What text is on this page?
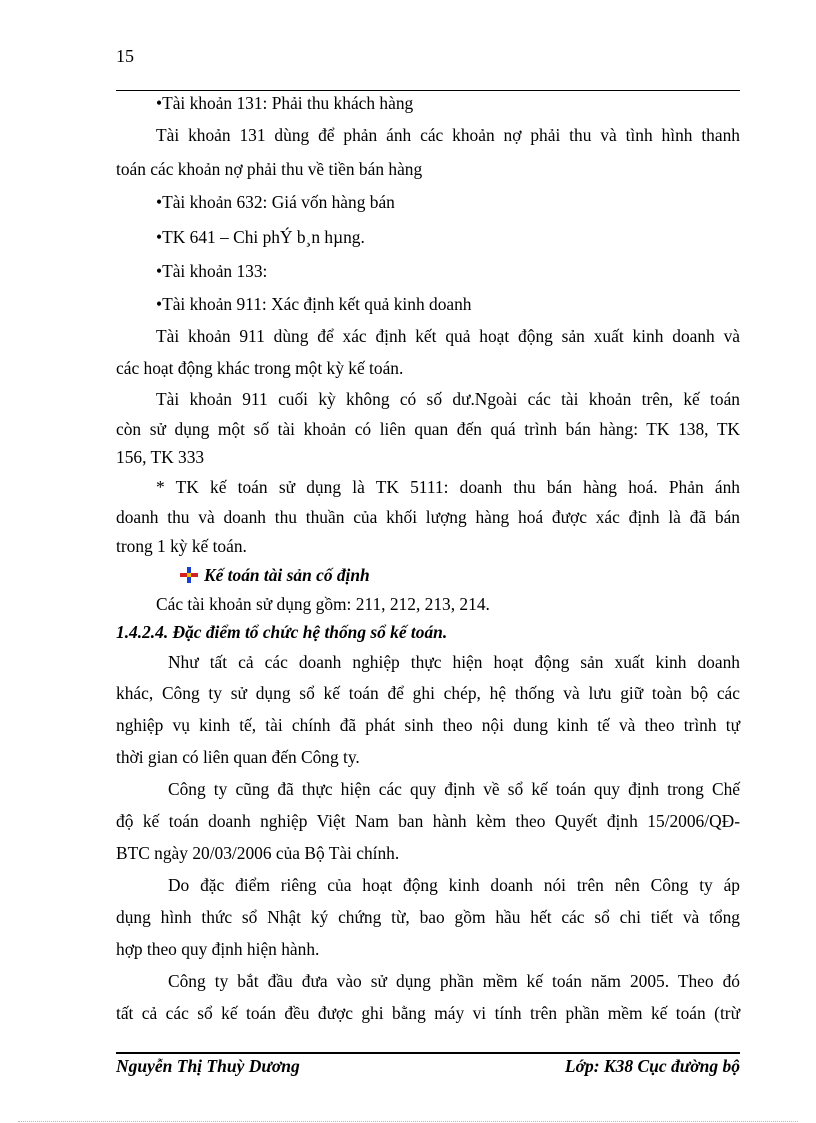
15
•Tài khoản 131: Phải thu khách hàng
Tài khoản 131 dùng để phản ánh các khoản nợ phải thu và tình hình thanh
toán các khoản nợ phải thu về tiền bán hàng
•Tài khoản 632: Giá vốn hàng bán
•TK 641 – Chi phÝ b¸n hµng.
•Tài khoản 133:
•Tài khoản 911: Xác định kết quả kinh doanh
Tài khoản 911 dùng để xác định kết quả hoạt động sản xuất kinh doanh và
các hoạt động khác trong một kỳ kế toán.
Tài khoản 911 cuối kỳ không có số dư.Ngoài các tài khoản trên, kế toán
còn sử dụng một số tài khoản có liên quan đến quá trình bán hàng: TK 138, TK
156, TK 333
* TK kế toán sử dụng là TK 5111: doanh thu bán hàng hoá. Phản ánh
doanh thu và doanh thu thuần của khối lượng hàng hoá được xác định là đã bán
trong 1 kỳ kế toán.
Kế toán tài sản cố định
Các tài khoản sử dụng gồm: 211, 212, 213, 214.
1.4.2.4. Đặc điểm tổ chức hệ thống sổ kế toán.
Như tất cả các doanh nghiệp thực hiện hoạt động sản xuất kinh doanh
khác, Công ty sử dụng sổ kế toán để ghi chép, hệ thống và lưu giữ toàn bộ các
nghiệp vụ kinh tế, tài chính đã phát sinh theo nội dung kinh tế và theo trình tự
thời gian có liên quan đến Công ty.
Công ty cũng đã thực hiện các quy định về sổ kế toán quy định trong Chế
độ kế toán doanh nghiệp Việt Nam ban hành kèm theo Quyết định 15/2006/QĐ-
BTC ngày 20/03/2006 của Bộ Tài chính.
Do đặc điểm riêng của hoạt động kinh doanh nói trên nên Công ty áp
dụng hình thức sổ Nhật ký chứng từ, bao gồm hầu hết các sổ chi tiết và tổng
hợp theo quy định hiện hành.
Công ty bắt đầu đưa vào sử dụng phần mềm kế toán năm 2005. Theo đó
tất cả các sổ kế toán đều được ghi bằng máy vi tính trên phần mềm kế toán (trừ
Nguyễn Thị Thuỳ Dương	Lớp: K38 Cục đường bộ
